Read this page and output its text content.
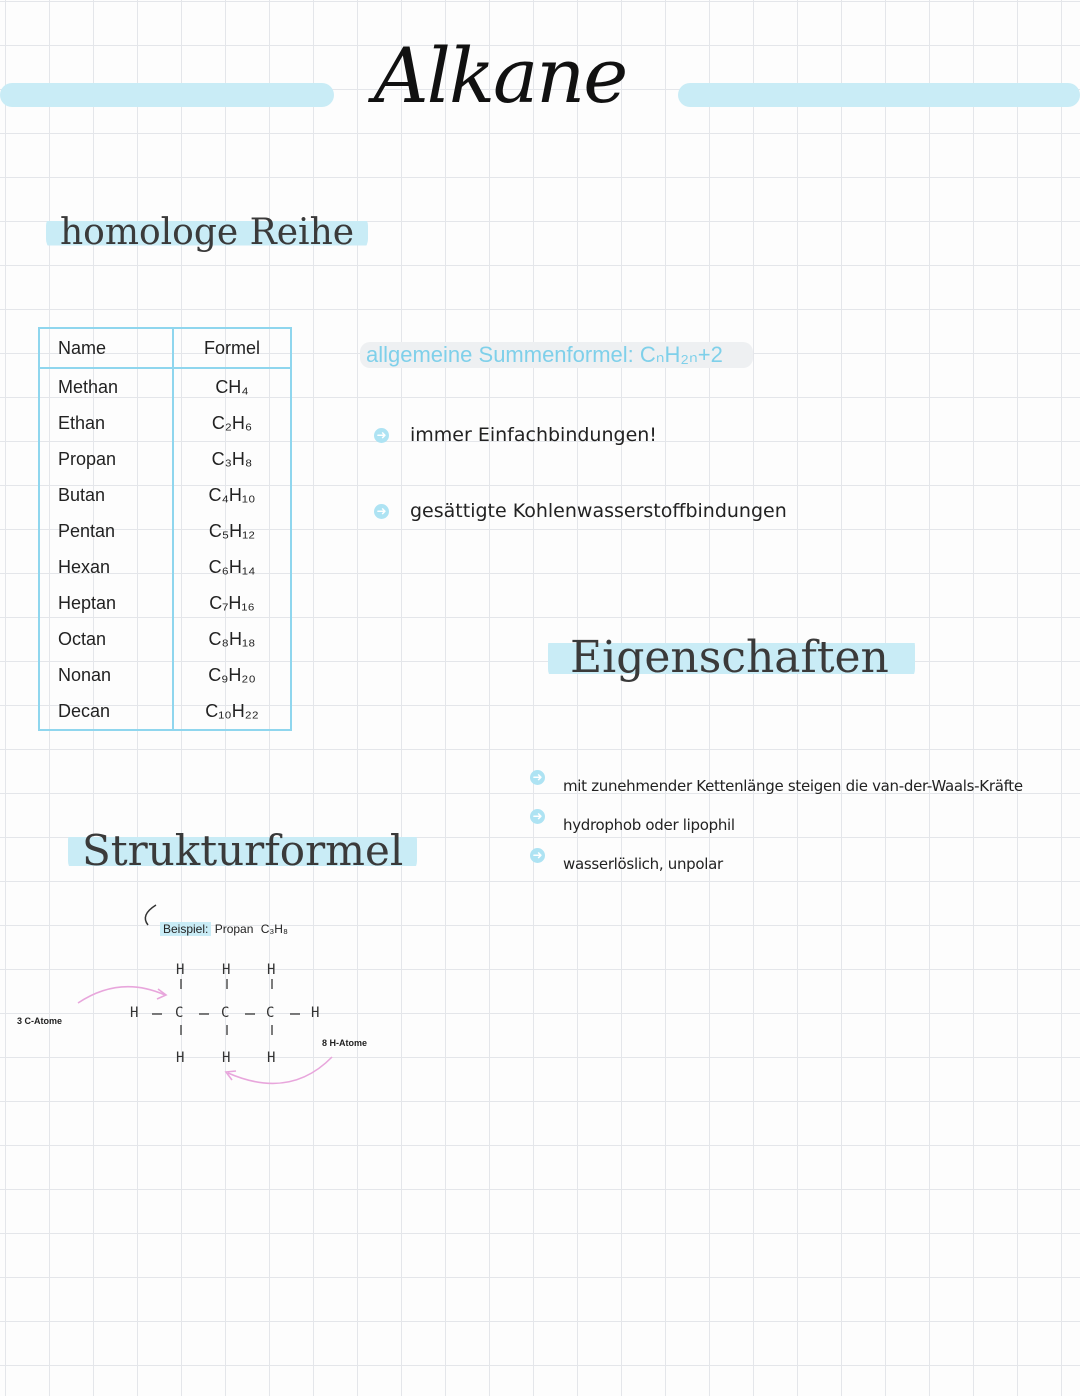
Alkane
homologe Reihe
Name	Formel
Methan	CH₄
Ethan	C₂H₆
Propan	C₃H₈
Butan	C₄H₁₀
Pentan	C₅H₁₂
Hexan	C₆H₁₄
Heptan	C₇H₁₆
Octan	C₈H₁₈
Nonan	C₉H₂₀
Decan	C₁₀H₂₂
allgemeine Summenformel: CₙH₂ₙ+2
➜ immer Einfachbindungen!
➜ gesättigte Kohlenwasserstoffbindungen
Eigenschaften
➜ mit zunehmender Kettenlänge steigen die van-der-Waals-Kräfte
➜ hydrophob oder lipophil
➜ wasserlöslich, unpolar
Strukturformel
Beispiel: Propan C₃H₈
H	H	H
H	C	C	C	H
H	H	H
3 C-Atome
8 H-Atome
